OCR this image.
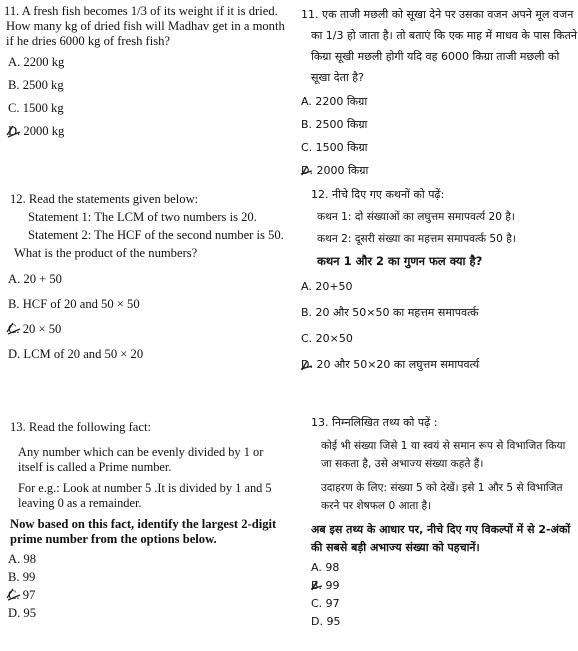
11. A fresh fish becomes 1/3 of its weight if it is dried. How many kg of dried fish will Madhav get in a month if he dries 6000 kg of fresh fish?

A. 2200 kg

B. 2500 kg

C. 1500 kg

D. 2000 kg

12. Read the statements given below:

Statement 1: The LCM of two numbers is 20.

Statement 2: The HCF of the second number is 50.

What is the product of the numbers?

A. 20 + 50

B. HCF of 20 and 50 × 50

C. 20 × 50

D. LCM of 20 and 50 × 20

13. Read the following fact:

Any number which can be evenly divided by 1 or itself is called a Prime number.

For e.g.: Look at number 5 .It is divided by 1 and 5 leaving 0 as a remainder.

Now based on this fact, identify the largest 2-digit prime number from the options below.

A. 98

B. 99

C. 97

D. 95

11. एक ताजी मछली को सूखा देने पर उसका वजन अपने मूल वजन का 1/3 हो जाता है। तो बताएं कि एक माह में माधव के पास कितने किग्रा सूखी मछली होगी यदि वह 6000 किग्रा ताजी मछली को सूखा देता है?

A. 2200 किग्रा

B. 2500 किग्रा

C. 1500 किग्रा

D. 2000 किग्रा

12. नीचे दिए गए कथनों को पढ़ें:

कथन 1: दो संख्याओं का लघुत्तम समापवर्त्य 20 है।

कथन 2: दूसरी संख्या का महत्तम समापवर्त्क 50 है।

कथन 1 और 2 का गुणन फल क्या है?

A. 20+50

B. 20 और 50×50 का महत्तम समापवर्त्क

C. 20×50

D. 20 और 50×20 का लघुत्तम समापवर्त्य

13. निम्नलिखित तथ्य को पढ़ें :

कोई भी संख्या जिसे 1 या स्वयं से समान रूप से विभाजित किया जा सकता है, उसे अभाज्य संख्या कहते हैं।

उदाहरण के लिए: संख्या 5 को देखें। इसे 1 और 5 से विभाजित करने पर शेषफल 0 आता है।

अब इस तथ्य के आधार पर, नीचे दिए गए विकल्पों में से 2-अंकों की सबसे बड़ी अभाज्य संख्या को पहचानें।

A. 98

B. 99

C. 97

D. 95
